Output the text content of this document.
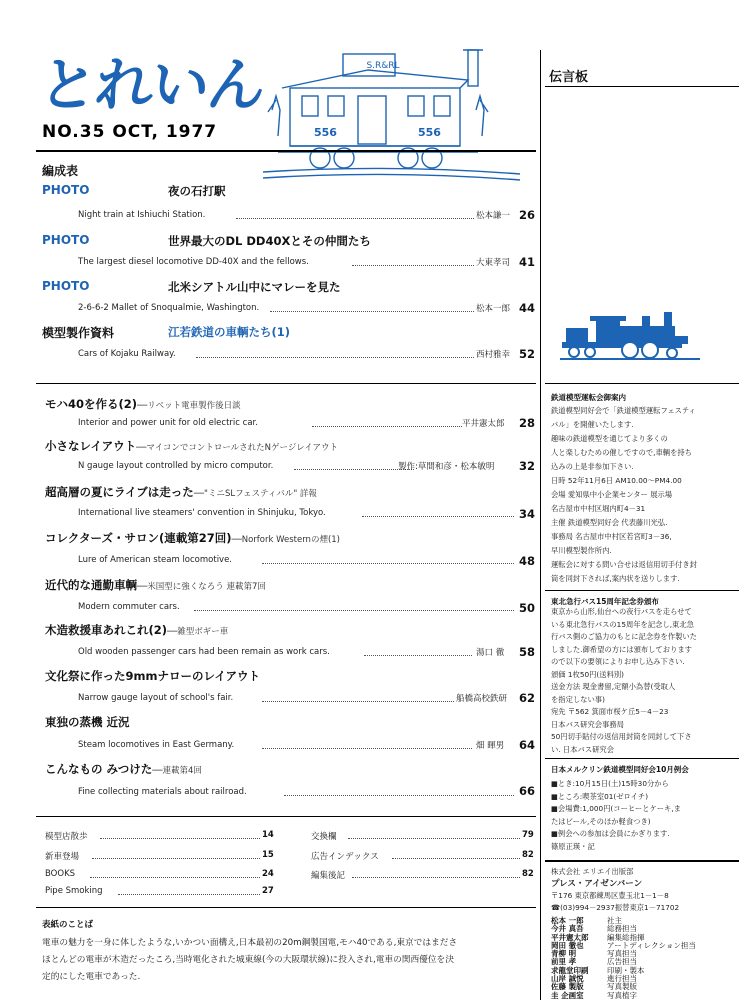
とれいん
NO.35 OCT, 1977
S.R&RL
556	556
編成表
PHOTO	夜の石打駅
Night train at Ishiuchi Station.	松本謙一 26
PHOTO	世界最大のDL DD40Xとその仲間たち
The largest diesel locomotive DD-40X and the fellows.	大東孝司 41
PHOTO	北米シアトル山中にマレーを見た
2-6-6-2 Mallet of Snoqualmie, Washington.	松本一郎 44
模型製作資料	江若鉄道の車輌たち(1)
Cars of Kojaku Railway.	西村雅幸 52
モハ40を作る(2)──リベット電車製作後日談
Interior and power unit for old electric car.	平井憲太郎 28
小さなレイアウト──マイコンでコントロールされたNゲージレイアウト
N gauge layout controlled by micro computor.	製作:草間和彦・松本敏明 32
超高層の夏にライブは走った──"ミニSLフェスティバル" 詳報
International live steamers' convention in Shinjuku, Tokyo.	34
コレクターズ・サロン(連載第27回)──Norfork Westernの煙(1)
Lure of American steam locomotive.	48
近代的な通勤車輌──米国型に強くなろう 連載第7回
Modern commuter cars.	50
木造救援車あれこれ(2)──雑型ボギー車
Old wooden passenger cars had been remain as work cars.	湯口 徹 58
文化祭に作った9mmナローのレイアウト
Narrow gauge layout of school's fair.	船橋高校鉄研 62
東独の蒸機 近況
Steam locomotives in East Germany.	畑 暉男 64
こんなもの みつけた──連載第4回
Fine collecting materials about railroad.	66
模型店散歩	14
新車登場	15
BOOKS	24
Pipe Smoking	27
交換欄	79
広告インデックス	82
編集後記	82
表紙のことば
電車の魅力を一身に体したような,いかつい面構え,日本最初の20m鋼製国電,モハ40である,東京ではまださ
ほとんどの電車が木造だったころ,当時電化された城東線(今の大阪環状線)に投入され,電車の関西優位を決
定的にした電車であった.
伝言板
鉄道模型運転会御案内
鉄道模型同好会で「鉄道模型運転フェスティ
バル」を開催いたします.
趣味の鉄道模型を通じてより多くの
人と楽しむための催しですので,車輌を持ち
込みの上是非参加下さい.
日時 52年11月6日 AM10.00～PM4.00
会場 愛知県中小企業センター 展示場
名古屋市中村区堀内町4－31
主催 鉄道模型同好会 代表藤川光弘.
事務局 名古屋市中村区若宮町3－36,
早川模型製作所内.
運転会に対する問い合せは返信用切手付き封
筒を同封下されば,案内状を送りします.
東北急行バス15周年記念券頒布
東京から山形,仙台への夜行バスを走らせて
いる東北急行バスの15周年を記念し,東北急
行バス側のご協力のもとに記念券を作製いた
しました.御希望の方には頒布しております
ので以下の要領によりお申し込み下さい.
頒価 1枚50円(送料別)
送金方法 現金書留,定額小為替(受取人
を指定しない事)
宛先 〒562 箕面市桜ケ丘5－4－23
日本バス研究会事務局
50円切手貼付の返信用封筒を同封して下さ
い. 日本バス研究会
日本メルクリン鉄道模型同好会10月例会
■とき:10月15日(土)15時30分から
■ところ:喫茶室01(ゼロイチ)
■会場費:1,000円(コーヒーとケーキ,ま
たはビール,そのほか軽食つき)
■例会への参加は会員にかぎります.
篠原正瑛・記
株式会社 エリエイ出版部
プレス・アイゼンバーン
〒176 東京都練馬区豊玉北1－1－8
☎(03)994－2937振替東京1－71702
松本 一郎	社主
今井 真吾	総務担当
平井憲太郎 編集総指揮
岡田 徹也	アートディレクション担当
青柳 明	写真担当
前里 孝	広告担当
求龍堂印刷 印刷・製本
山岸 誠悦	進行担当
佐藤 製版	写真製版
圭 企画室	写真植字
